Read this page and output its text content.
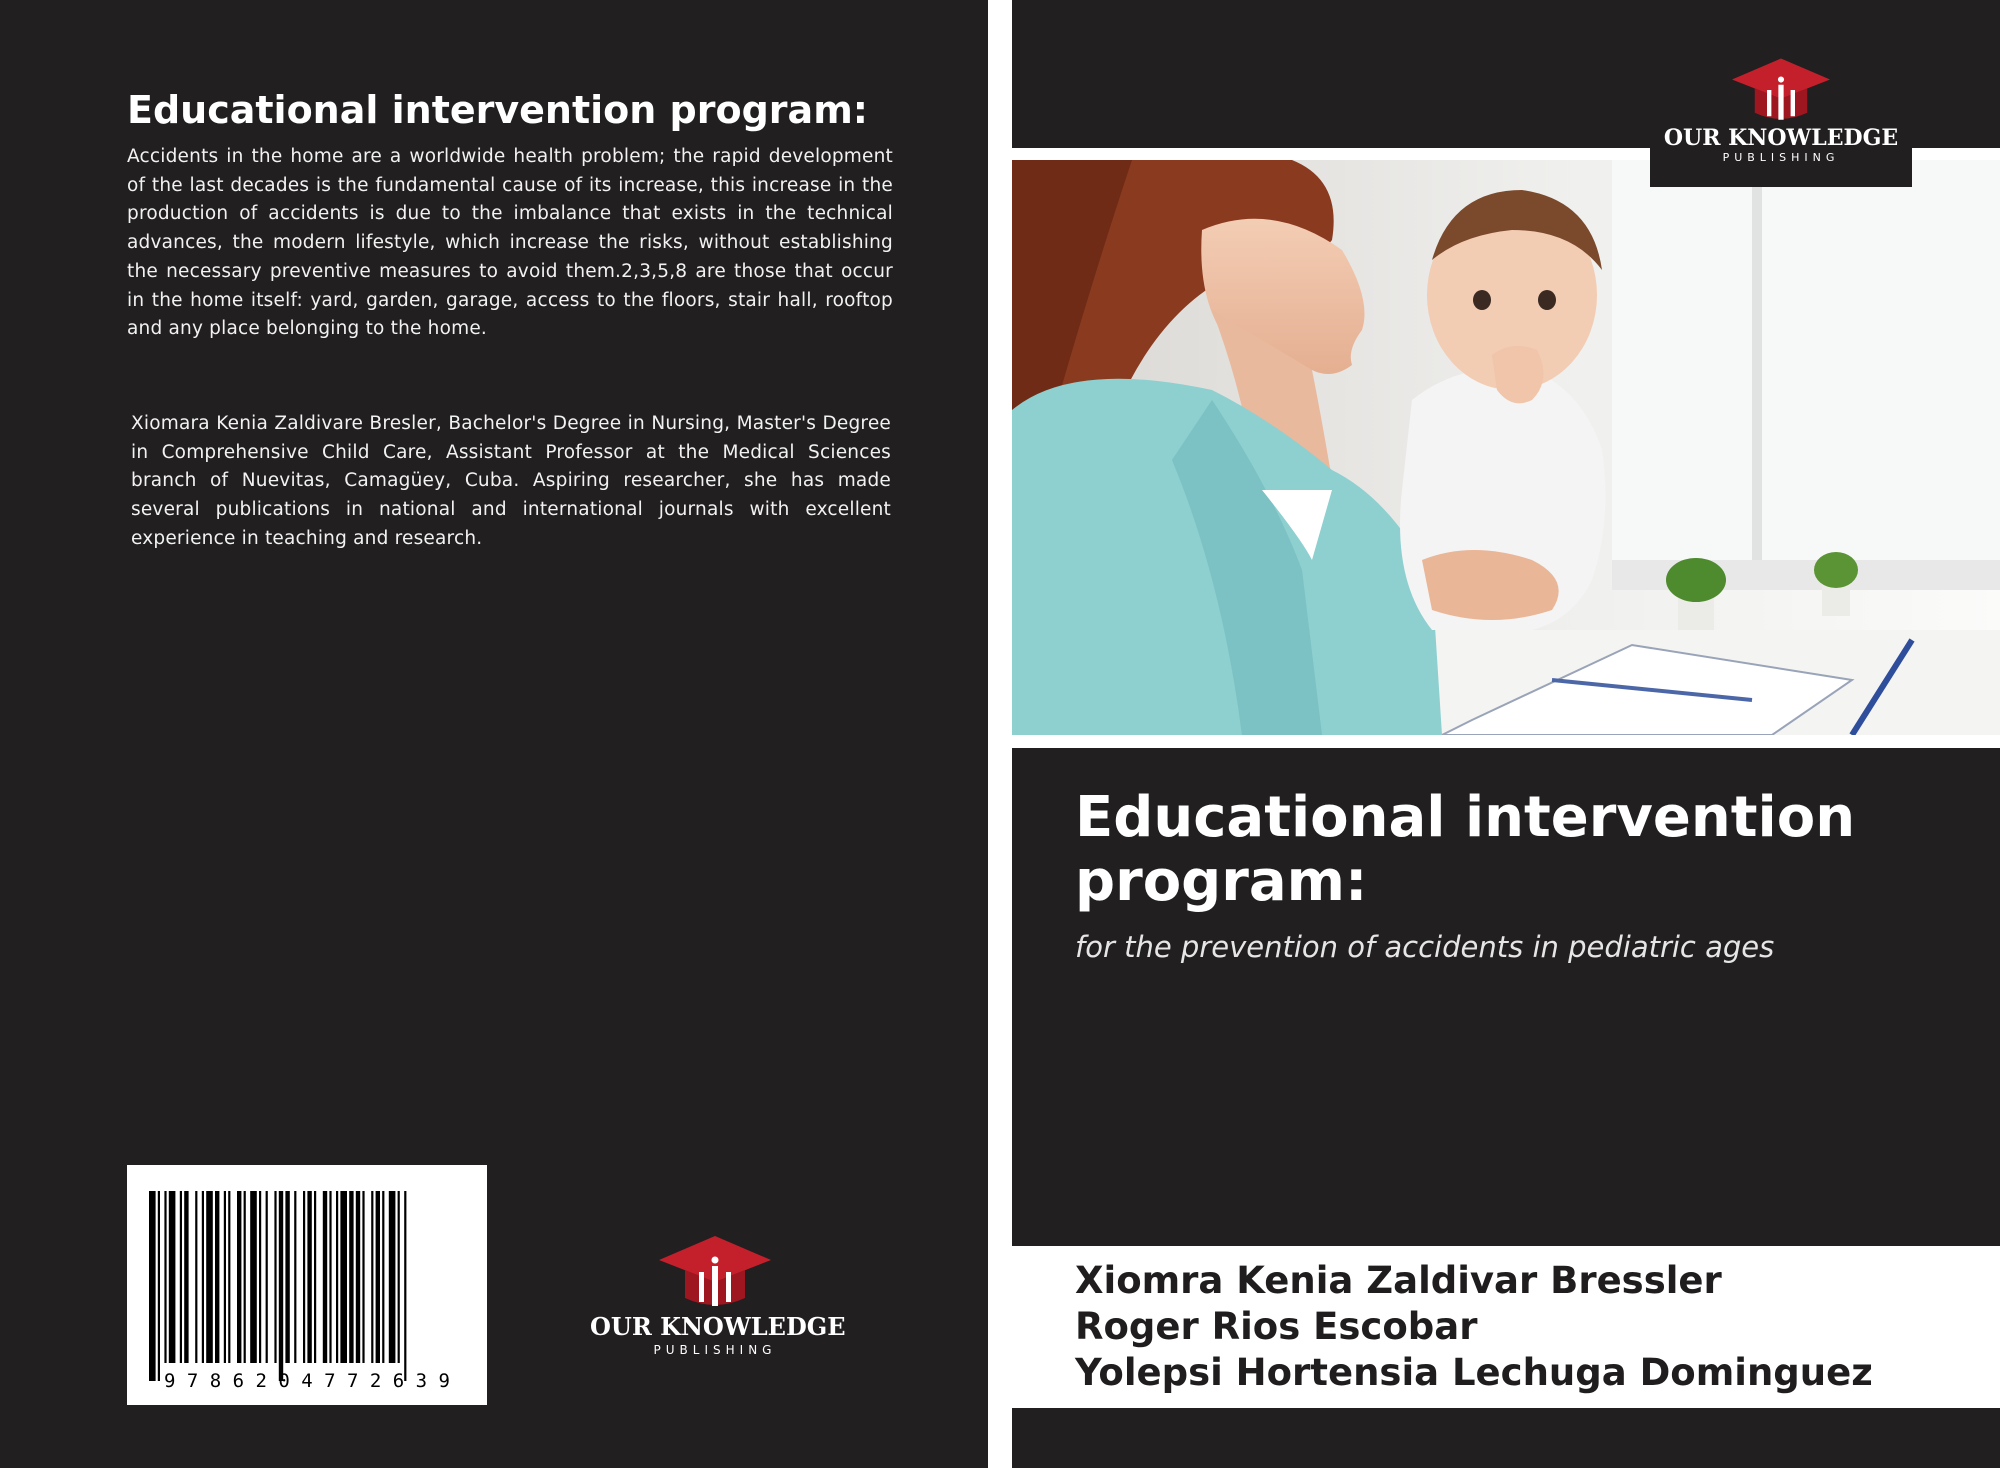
Educational intervention program:

Accidents in the home are a worldwide health problem; the rapid development of the last decades is the fundamental cause of its increase, this increase in the production of accidents is due to the imbalance that exists in the technical advances, the modern lifestyle, which increase the risks, without establishing the necessary preventive measures to avoid them.2,3,5,8 are those that occur in the home itself: yard, garden, garage, access to the floors, stair hall, rooftop and any place belonging to the home.

Xiomara Kenia Zaldivare Bresler, Bachelor's Degree in Nursing, Master's Degree in Comprehensive Child Care, Assistant Professor at the Medical Sciences branch of Nuevitas, Camagüey, Cuba. Aspiring researcher, she has made several publications in national and international journals with excellent experience in teaching and research.

9 7 8 6 2 0 4 7 7 2 6 3 9
OUR KNOWLEDGE
PUBLISHING
OUR KNOWLEDGE
PUBLISHING
Educational intervention program:
for the prevention of accidents in pediatric ages
Xiomra Kenia Zaldivar Bressler
Roger Rios Escobar
Yolepsi Hortensia Lechuga Dominguez
